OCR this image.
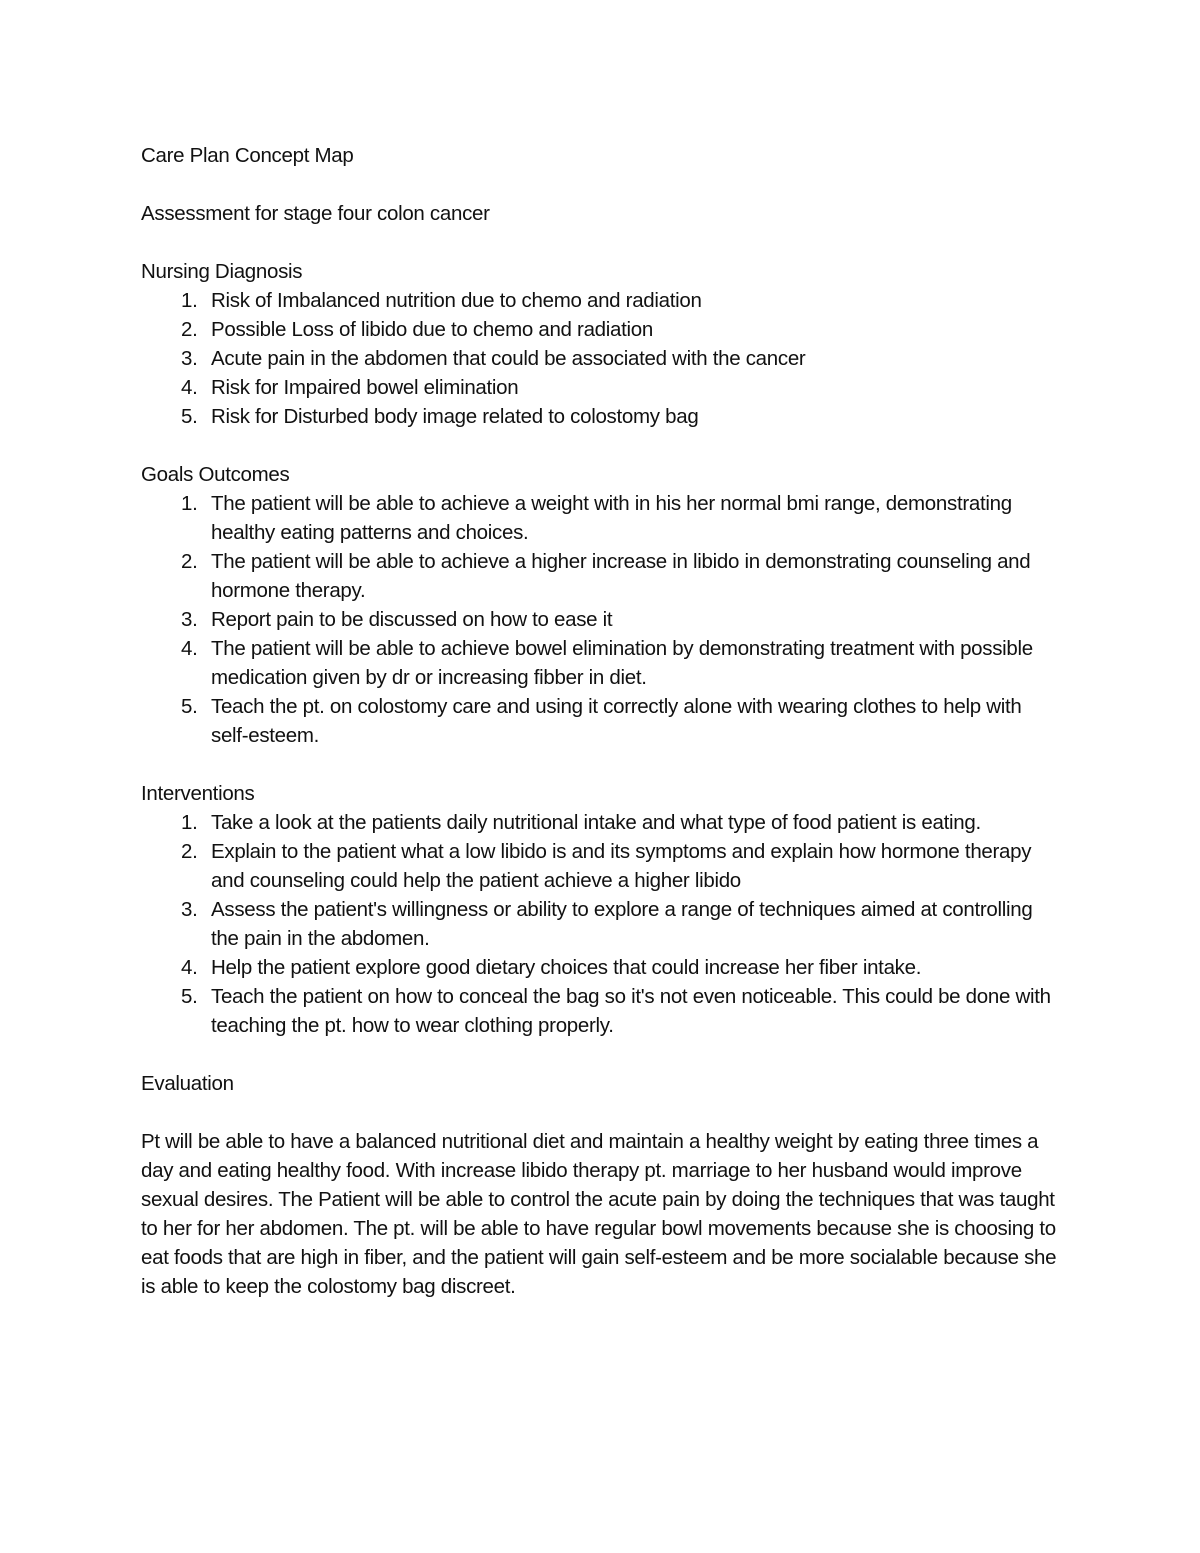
Care Plan Concept Map

Assessment for stage four colon cancer

Nursing Diagnosis

1. Risk of Imbalanced nutrition due to chemo and radiation
2. Possible Loss of libido due to chemo and radiation
3. Acute pain in the abdomen that could be associated with the cancer
4. Risk for Impaired bowel elimination
5. Risk for Disturbed body image related to colostomy bag

Goals Outcomes

1. The patient will be able to achieve a weight with in his her normal bmi range, demonstrating healthy eating patterns and choices.
2. The patient will be able to achieve a higher increase in libido in demonstrating counseling and hormone therapy.
3. Report pain to be discussed on how to ease it
4. The patient will be able to achieve bowel elimination by demonstrating treatment with possible medication given by dr or increasing fibber in diet.
5. Teach the pt. on colostomy care and using it correctly alone with wearing clothes to help with self-esteem.

Interventions

1. Take a look at the patients daily nutritional intake and what type of food patient is eating.
2. Explain to the patient what a low libido is and its symptoms and explain how hormone therapy and counseling could help the patient achieve a higher libido
3. Assess the patient's willingness or ability to explore a range of techniques aimed at controlling the pain in the abdomen.
4. Help the patient explore good dietary choices that could increase her fiber intake.
5. Teach the patient on how to conceal the bag so it's not even noticeable. This could be done with teaching the pt. how to wear clothing properly.

Evaluation

Pt will be able to have a balanced nutritional diet and maintain a healthy weight by eating three times a day and eating healthy food. With increase libido therapy pt. marriage to her husband would improve sexual desires. The Patient will be able to control the acute pain by doing the techniques that was taught to her for her abdomen. The pt. will be able to have regular bowl movements because she is choosing to eat foods that are high in fiber, and the patient will gain self-esteem and be more socialable because she is able to keep the colostomy bag discreet.
